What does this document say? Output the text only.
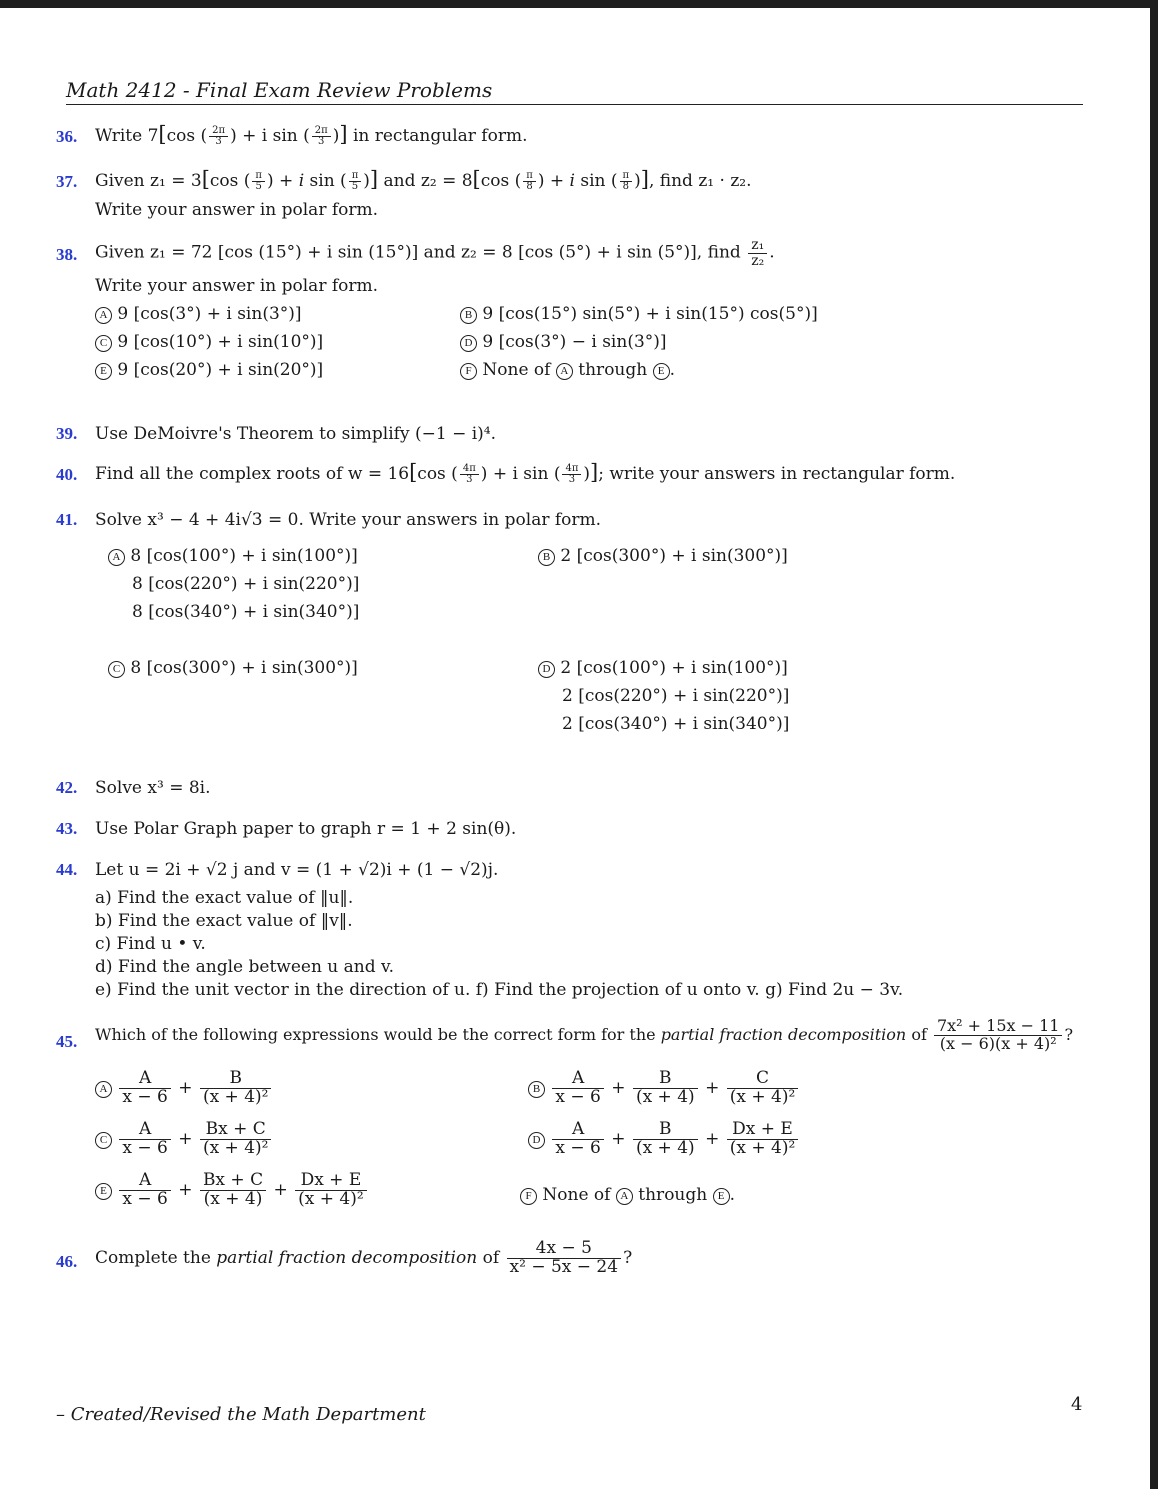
Math 2412 - Final Exam Review Problems
36. Write 7[cos ( $\frac{2\pi}{3}$ ) + i sin ( $\frac{2\pi}{3}$ )] in rectangular form.
37. Given z₁ = 3[cos ( $\frac{\pi}{5}$ ) + i sin ( $\frac{\pi}{5}$ )] and z₂ = 8[cos ( $\frac{\pi}{8}$ ) + i sin ( $\frac{\pi}{8}$ )], find z₁ · z₂.
Write your answer in polar form.
38. Given z₁ = 72 [cos (15°) + i sin (15°)] and z₂ = 8 [cos (5°) + i sin (5°)], find $\frac{\text{z₁}}{\text{z₂}}$ .
Write your answer in polar form.
A 9 [cos(3°) + i sin(3°)]	B 9 [cos(15°) sin(5°) + i sin(15°) cos(5°)]
C 9 [cos(10°) + i sin(10°)]	D 9 [cos(3°) − i sin(3°)]
E 9 [cos(20°) + i sin(20°)]	F None of A through E .
39. Use DeMoivre's Theorem to simplify (−1 − i)⁴.
40. Find all the complex roots of w = 16[cos ( $\frac{4\pi}{3}$ ) + i sin ( $\frac{4\pi}{3}$ )]; write your answers in rectangular form.
41. Solve x³ − 4 + 4i√3 = 0. Write your answers in polar form.
A 8 [cos(100°) + i sin(100°)]
8 [cos(220°) + i sin(220°)]
8 [cos(340°) + i sin(340°)]
B 2 [cos(300°) + i sin(300°)]
C 8 [cos(300°) + i sin(300°)]	D 2 [cos(100°) + i sin(100°)]
2 [cos(220°) + i sin(220°)]
2 [cos(340°) + i sin(340°)]
42. Solve x³ = 8i.
43. Use Polar Graph paper to graph r = 1 + 2 sin(θ).
44. Let u = 2i + √2 j and v = (1 + √2)i + (1 − √2)j.
a) Find the exact value of ‖u‖.
b) Find the exact value of ‖v‖.
c) Find u • v.
d) Find the angle between u and v.
e) Find the unit vector in the direction of u. f) Find the projection of u onto v. g) Find 2u − 3v.
45. Which of the following expressions would be the correct form for the partial fraction decomposition of $\frac{\text{7x² + 15x − 11}}{\text{(x − 6)(x + 4)²}}$ ?
A $\frac{A}{x - 6} + \frac{B}{\text{(x + 4)²}}$	B $\frac{A}{x - 6} + \frac{B}{(x + 4)} + \frac{C}{\text{(x + 4)²}}$
C $\frac{A}{x - 6} + \frac{Bx + C}{\text{(x + 4)²}}$	D $\frac{A}{x - 6} + \frac{B}{(x + 4)} + \frac{Dx + E}{\text{(x + 4)²}}$
E $\frac{A}{x - 6} + \frac{Bx + C}{(x + 4)} + \frac{Dx + E}{\text{(x + 4)²}}$	F None of A through E .
46. Complete the partial fraction decomposition of $\frac{4x - 5}{\text{x² − 5x − 24}}$ ?
– Created/Revised the Math Department	4
